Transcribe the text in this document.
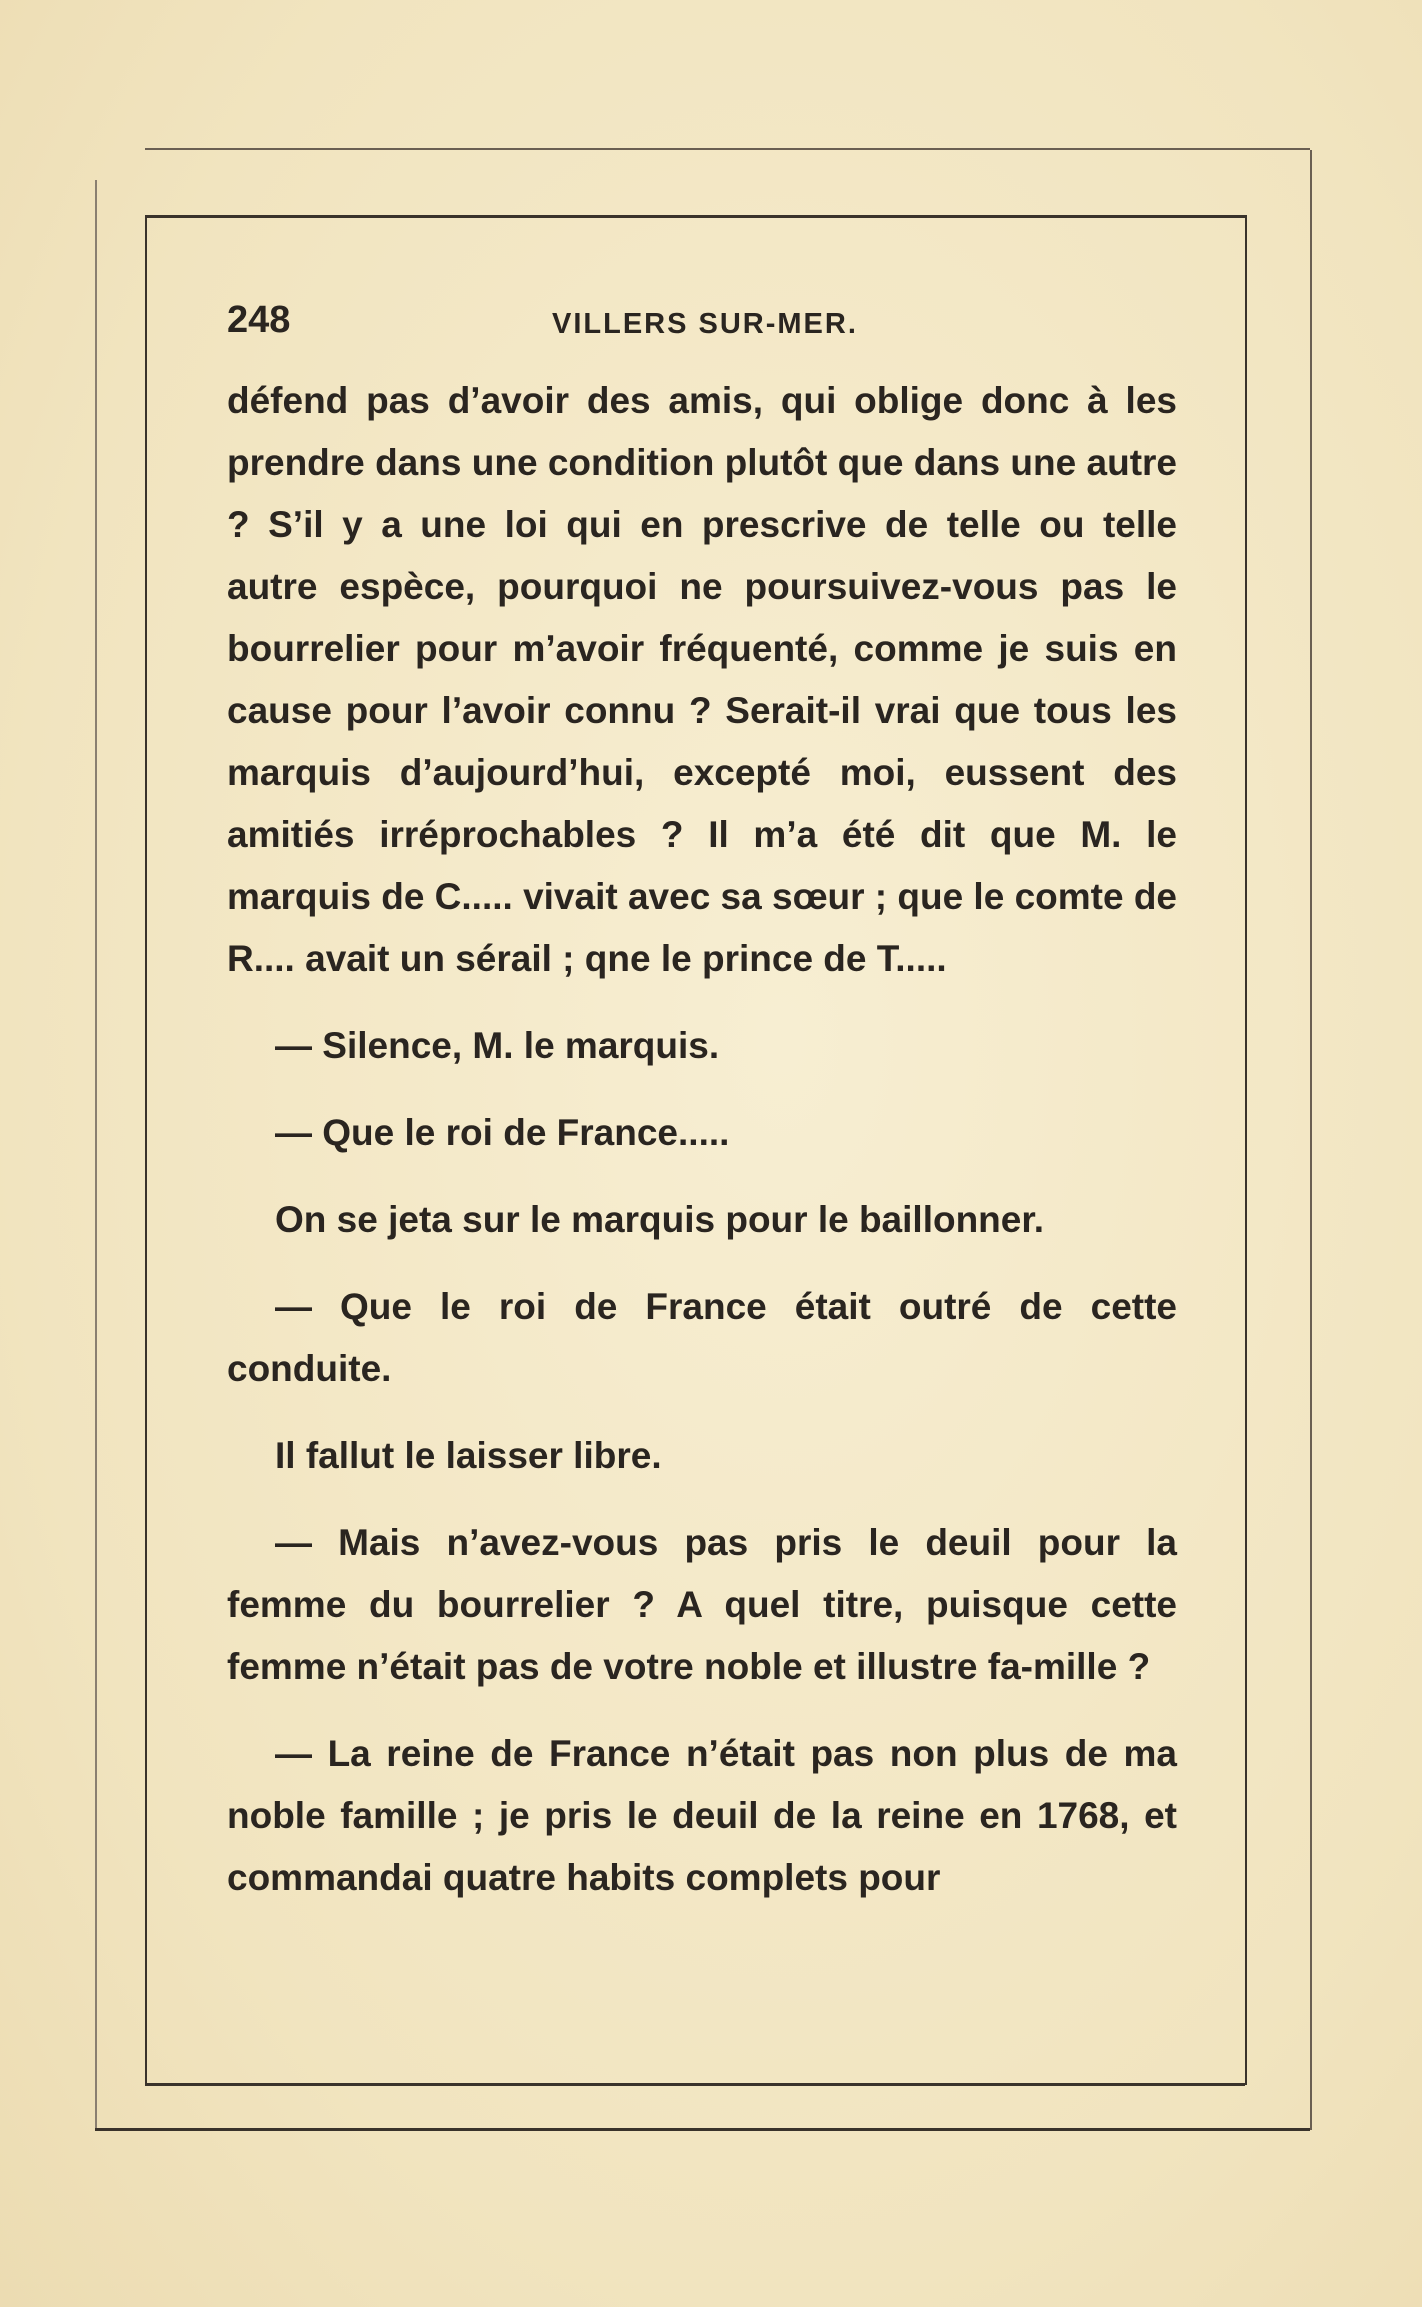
248	VILLERS SUR-MER.

défend pas d’avoir des amis, qui oblige donc à les prendre dans une condition plutôt que dans une autre ? S’il y a une loi qui en prescrive de telle ou telle autre espèce, pourquoi ne poursuivez-vous pas le bourrelier pour m’avoir fréquenté, comme je suis en cause pour l’avoir connu ? Serait-il vrai que tous les marquis d’aujourd’hui, excepté moi, eussent des amitiés irréprochables ? Il m’a été dit que M. le marquis de C..... vivait avec sa sœur ; que le comte de R.... avait un sérail ; qne le prince de T.....

— Silence, M. le marquis.

— Que le roi de France.....

On se jeta sur le marquis pour le baillonner.

— Que le roi de France était outré de cette conduite.

Il fallut le laisser libre.

— Mais n’avez-vous pas pris le deuil pour la femme du bourrelier ? A quel titre, puisque cette femme n’était pas de votre noble et illustre fa-mille ?

— La reine de France n’était pas non plus de ma noble famille ; je pris le deuil de la reine en 1768, et commandai quatre habits complets pour
